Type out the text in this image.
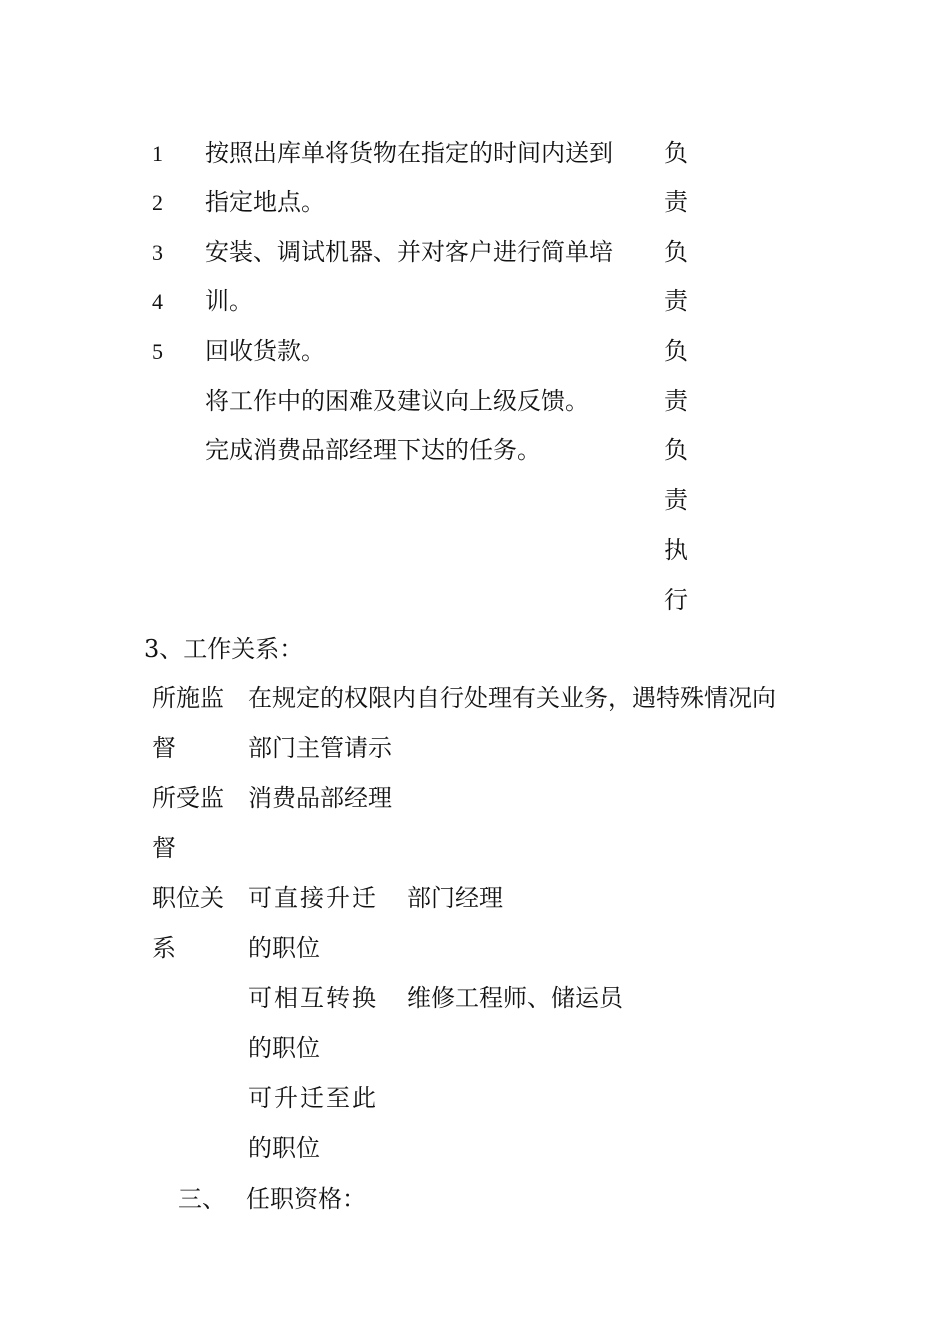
1
2
3
4
5
按照出库单将货物在指定的时间内送到
指定地点。
安装、调试机器、并对客户进行简单培
训。
回收货款。
将工作中的困难及建议向上级反馈。
完成消费品部经理下达的任务。
负
责
负
责
负
责
负
责
执
行
3、工作关系：
所施监
督
在规定的权限内自行处理有关业务，遇特殊情况向
部门主管请示
所受监
督
消费品部经理
职位关
系
可直接升迁
的职位
部门经理
可相互转换
的职位
维修工程师、储运员
可升迁至此
的职位
三、 任职资格：
